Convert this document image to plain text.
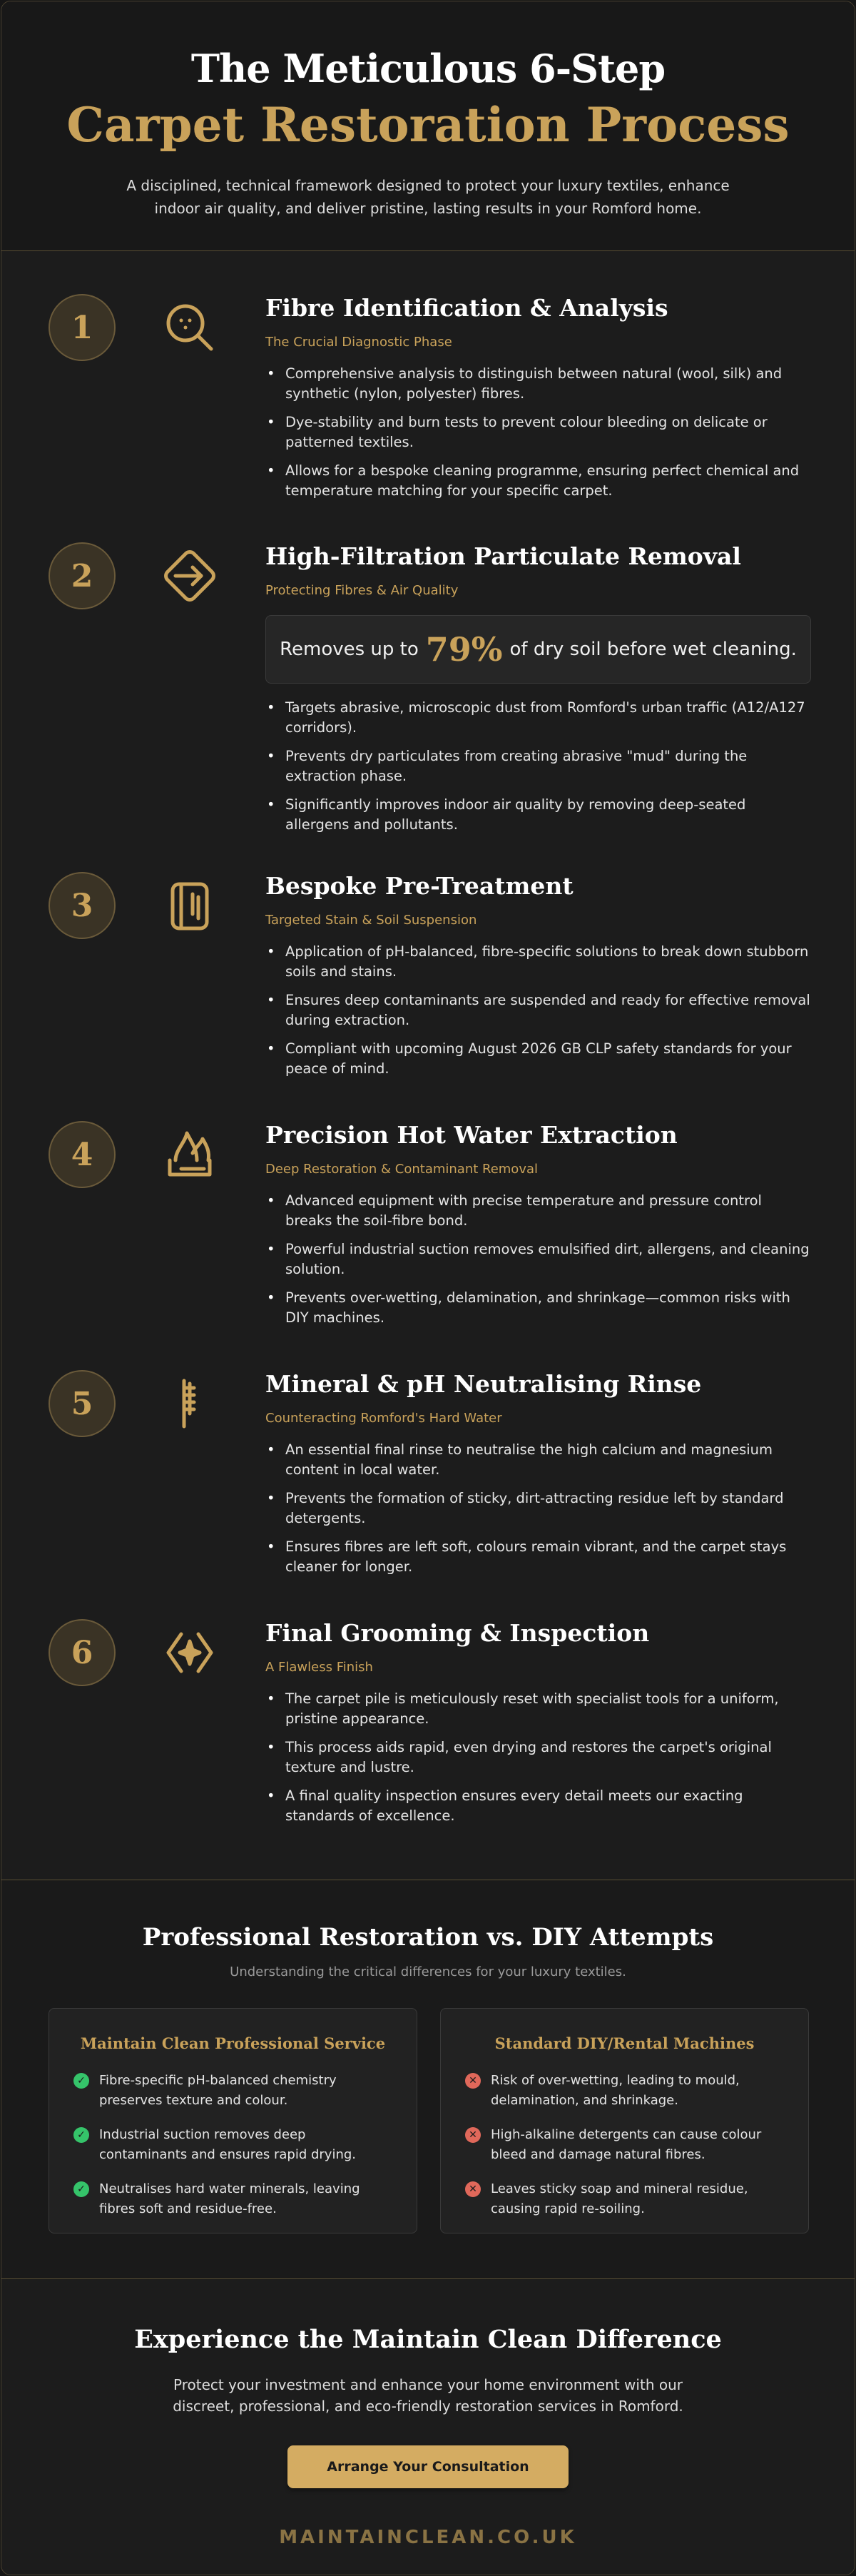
The Meticulous 6-Step
Carpet Restoration Process

A disciplined, technical framework designed to protect your luxury textiles, enhance indoor air quality, and deliver pristine, lasting results in your Romford home.

1
Fibre Identification & Analysis
The Crucial Diagnostic Phase
• Comprehensive analysis to distinguish between natural (wool, silk) and synthetic (nylon, polyester) fibres.
• Dye-stability and burn tests to prevent colour bleeding on delicate or patterned textiles.
• Allows for a bespoke cleaning programme, ensuring perfect chemical and temperature matching for your specific carpet.
2
High-Filtration Particulate Removal
Protecting Fibres & Air Quality
Removes up to 79% of dry soil before wet cleaning.
• Targets abrasive, microscopic dust from Romford's urban traffic (A12/A127 corridors).
• Prevents dry particulates from creating abrasive "mud" during the extraction phase.
• Significantly improves indoor air quality by removing deep-seated allergens and pollutants.
3
Bespoke Pre-Treatment
Targeted Stain & Soil Suspension
• Application of pH-balanced, fibre-specific solutions to break down stubborn soils and stains.
• Ensures deep contaminants are suspended and ready for effective removal during extraction.
• Compliant with upcoming August 2026 GB CLP safety standards for your peace of mind.
4
Precision Hot Water Extraction
Deep Restoration & Contaminant Removal
• Advanced equipment with precise temperature and pressure control breaks the soil-fibre bond.
• Powerful industrial suction removes emulsified dirt, allergens, and cleaning solution.
• Prevents over-wetting, delamination, and shrinkage—common risks with DIY machines.
5
Mineral & pH Neutralising Rinse
Counteracting Romford's Hard Water
• An essential final rinse to neutralise the high calcium and magnesium content in local water.
• Prevents the formation of sticky, dirt-attracting residue left by standard detergents.
• Ensures fibres are left soft, colours remain vibrant, and the carpet stays cleaner for longer.
6
Final Grooming & Inspection
A Flawless Finish
• The carpet pile is meticulously reset with specialist tools for a uniform, pristine appearance.
• This process aids rapid, even drying and restores the carpet's original texture and lustre.
• A final quality inspection ensures every detail meets our exacting standards of excellence.
Professional Restoration vs. DIY Attempts
Understanding the critical differences for your luxury textiles.
Maintain Clean Professional Service
✓ Fibre-specific pH-balanced chemistry preserves texture and colour.
✓ Industrial suction removes deep contaminants and ensures rapid drying.
✓ Neutralises hard water minerals, leaving fibres soft and residue-free.
Standard DIY/Rental Machines
✕ Risk of over-wetting, leading to mould, delamination, and shrinkage.
✕ High-alkaline detergents can cause colour bleed and damage natural fibres.
✕ Leaves sticky soap and mineral residue, causing rapid re-soiling.
Experience the Maintain Clean Difference

Protect your investment and enhance your home environment with our discreet, professional, and eco-friendly restoration services in Romford.

Arrange Your Consultation
MAINTAINCLEAN.CO.UK
